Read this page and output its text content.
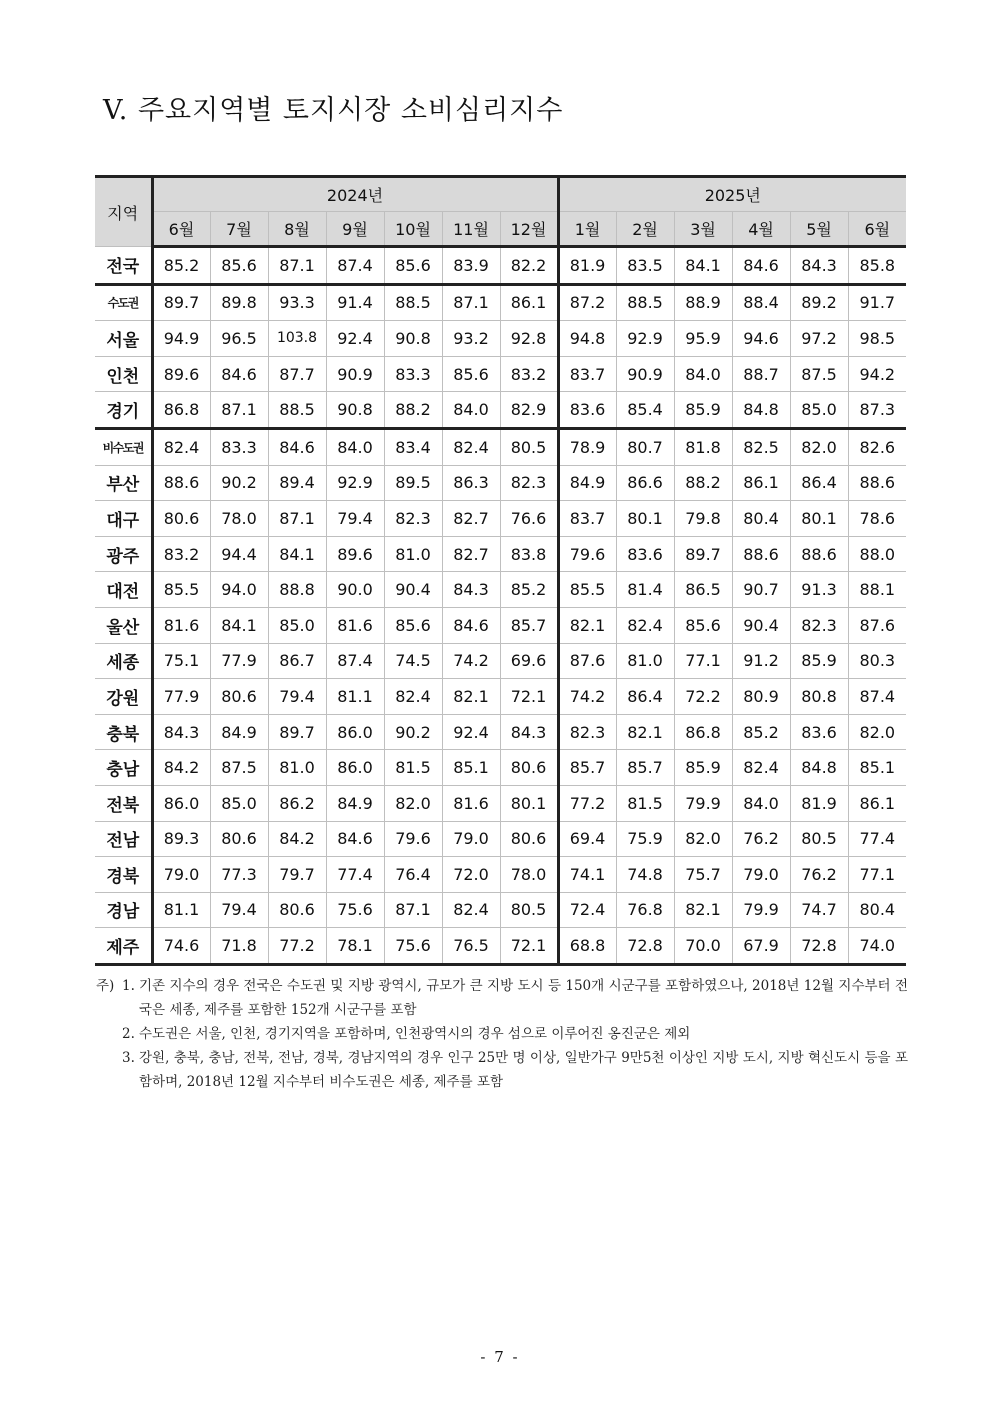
V. 주요지역별 토지시장 소비심리지수
지역	2024년							2025년					
	6월	7월	8월	9월	10월	11월	12월	1월	2월	3월	4월	5월	6월
전국	85.2	85.6	87.1	87.4	85.6	83.9	82.2	81.9	83.5	84.1	84.6	84.3	85.8
수도권	89.7	89.8	93.3	91.4	88.5	87.1	86.1	87.2	88.5	88.9	88.4	89.2	91.7
서울	94.9	96.5	103.8	92.4	90.8	93.2	92.8	94.8	92.9	95.9	94.6	97.2	98.5
인천	89.6	84.6	87.7	90.9	83.3	85.6	83.2	83.7	90.9	84.0	88.7	87.5	94.2
경기	86.8	87.1	88.5	90.8	88.2	84.0	82.9	83.6	85.4	85.9	84.8	85.0	87.3
비수도권	82.4	83.3	84.6	84.0	83.4	82.4	80.5	78.9	80.7	81.8	82.5	82.0	82.6
부산	88.6	90.2	89.4	92.9	89.5	86.3	82.3	84.9	86.6	88.2	86.1	86.4	88.6
대구	80.6	78.0	87.1	79.4	82.3	82.7	76.6	83.7	80.1	79.8	80.4	80.1	78.6
광주	83.2	94.4	84.1	89.6	81.0	82.7	83.8	79.6	83.6	89.7	88.6	88.6	88.0
대전	85.5	94.0	88.8	90.0	90.4	84.3	85.2	85.5	81.4	86.5	90.7	91.3	88.1
울산	81.6	84.1	85.0	81.6	85.6	84.6	85.7	82.1	82.4	85.6	90.4	82.3	87.6
세종	75.1	77.9	86.7	87.4	74.5	74.2	69.6	87.6	81.0	77.1	91.2	85.9	80.3
강원	77.9	80.6	79.4	81.1	82.4	82.1	72.1	74.2	86.4	72.2	80.9	80.8	87.4
충북	84.3	84.9	89.7	86.0	90.2	92.4	84.3	82.3	82.1	86.8	85.2	83.6	82.0
충남	84.2	87.5	81.0	86.0	81.5	85.1	80.6	85.7	85.7	85.9	82.4	84.8	85.1
전북	86.0	85.0	86.2	84.9	82.0	81.6	80.1	77.2	81.5	79.9	84.0	81.9	86.1
전남	89.3	80.6	84.2	84.6	79.6	79.0	80.6	69.4	75.9	82.0	76.2	80.5	77.4
경북	79.0	77.3	79.7	77.4	76.4	72.0	78.0	74.1	74.8	75.7	79.0	76.2	77.1
경남	81.1	79.4	80.6	75.6	87.1	82.4	80.5	72.4	76.8	82.1	79.9	74.7	80.4
제주	74.6	71.8	77.2	78.1	75.6	76.5	72.1	68.8	72.8	70.0	67.9	72.8	74.0
주) 1. 기존 지수의 경우 전국은 수도권 및 지방 광역시, 규모가 큰 지방 도시 등 150개 시군구를 포함하였으나, 2018년 12월 지수부터 전국은 세종, 제주를 포함한 152개 시군구를 포함
2. 수도권은 서울, 인천, 경기지역을 포함하며, 인천광역시의 경우 섬으로 이루어진 옹진군은 제외
3. 강원, 충북, 충남, 전북, 전남, 경북, 경남지역의 경우 인구 25만 명 이상, 일반가구 9만5천 이상인 지방 도시, 지방 혁신도시 등을 포함하며, 2018년 12월 지수부터 비수도권은 세종, 제주를 포함
- 7 -
